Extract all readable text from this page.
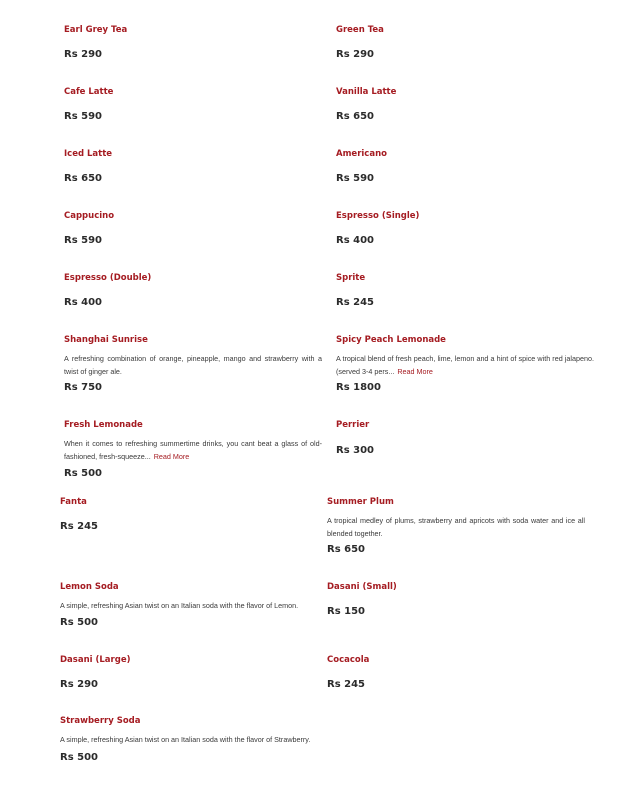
Earl Grey Tea
Rs 290
Green Tea
Rs 290
Cafe Latte
Rs 590
Vanilla Latte
Rs 650
Iced Latte
Rs 650
Americano
Rs 590
Cappucino
Rs 590
Espresso (Single)
Rs 400
Espresso (Double)
Rs 400
Sprite
Rs 245
Shanghai Sunrise

A refreshing combination of orange, pineapple, mango and strawberry with a twist of ginger ale.

Rs 750
Spicy Peach Lemonade

A tropical blend of fresh peach, lime, lemon and a hint of spice with red jalapeno. (served 3-4 pers... Read More

Rs 1800
Fresh Lemonade

When it comes to refreshing summertime drinks, you cant beat a glass of old-fashioned, fresh-squeeze... Read More

Rs 500
Perrier
Rs 300
Fanta
Rs 245
Summer Plum

A tropical medley of plums, strawberry and apricots with soda water and ice all blended together.

Rs 650
Lemon Soda

A simple, refreshing Asian twist on an Italian soda with the flavor of Lemon.

Rs 500
Dasani (Small)
Rs 150
Dasani (Large)
Rs 290
Cocacola
Rs 245
Strawberry Soda

A simple, refreshing Asian twist on an Italian soda with the flavor of Strawberry.

Rs 500
